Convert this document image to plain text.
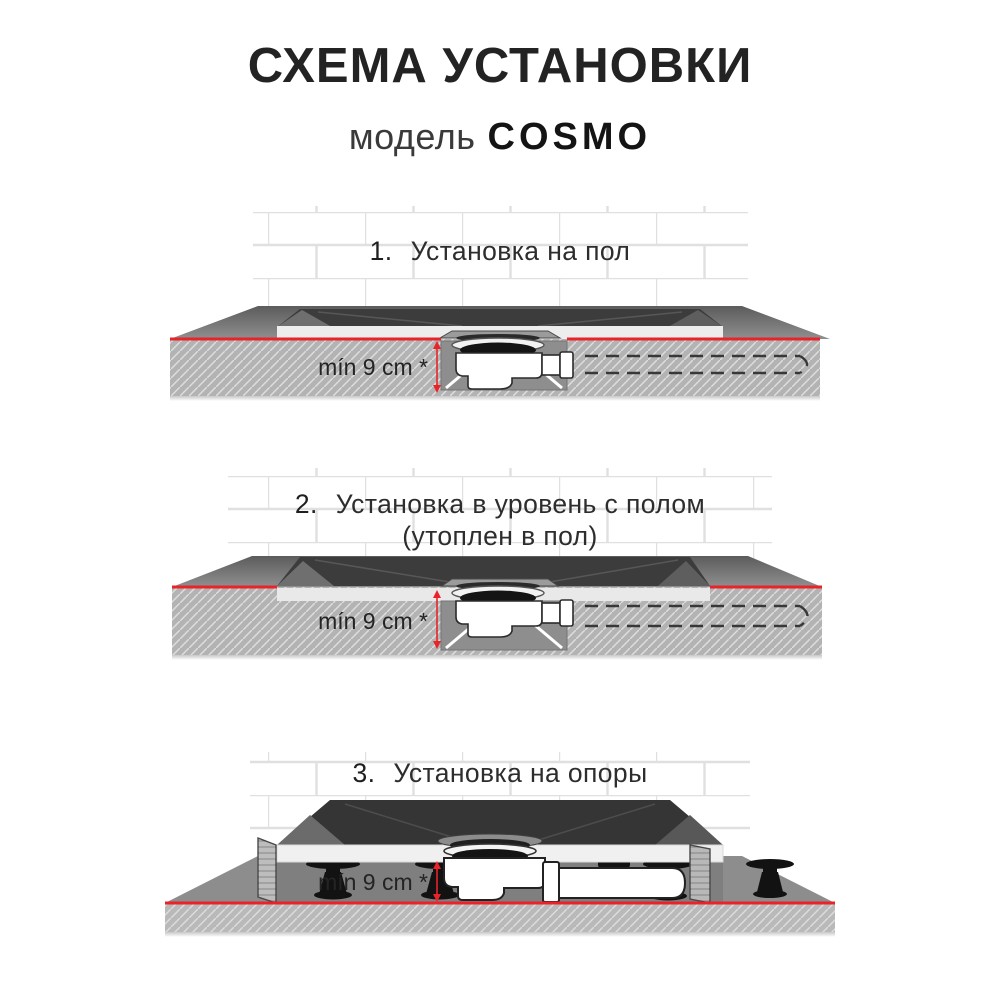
СХЕМА УСТАНОВКИ
модель COSMO
1. Установка на пол
mín 9 cm *
2. Установка в уровень с полом
(утоплен в пол)
mín 9 cm *
3. Установка на опоры
mín 9 cm *
